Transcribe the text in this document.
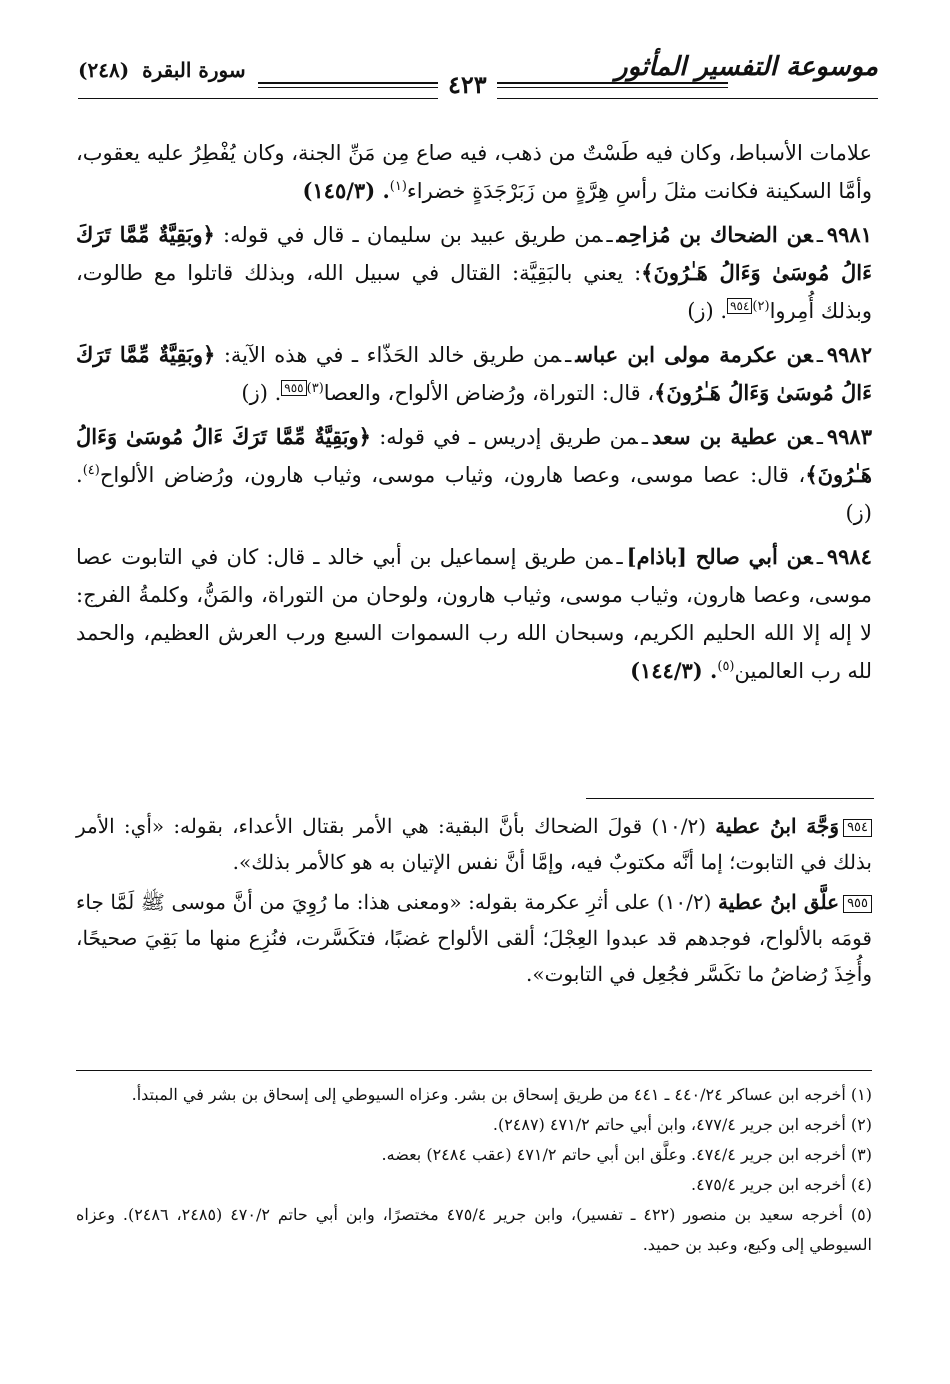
موسوعة التفسير المأثور
٤٢٣
سورة البقرة (٢٤٨)

علامات الأسباط، وكان فيه طَسْتٌ من ذهب، فيه صاع مِن مَنِّ الجنة، وكان يُفْطِرُ عليه يعقوب، وأمَّا السكينة فكانت مثلَ رأسِ هِرَّةٍ من زَبَرْجَدَةٍ خضراء$^{(١)}$. (١٤٥/٣)

٩٩٨١ـعن الضحاك بن مُزاحِمـمن طريق عبيد بن سليمان ـ قال في قوله: ﴿وبَقِيَّةٌ مِّمَّا تَرَكَ ءَالُ مُوسَىٰ وَءَالُ هَـٰرُونَ﴾: يعني بالبَقِيَّة: القتال في سبيل الله، وبذلك قاتلوا مع طالوت، وبذلك أُمِروا$^{(٢)}$٩٥٤. (ز)

٩٩٨٢ـعن عكرمة مولى ابن عباسـمن طريق خالد الحَذّاء ـ في هذه الآية: ﴿وبَقِيَّةٌ مِّمَّا تَرَكَ ءَالُ مُوسَىٰ وَءَالُ هَـٰرُونَ﴾، قال: التوراة، ورُضاض الألواح، والعصا$^{(٣)}$٩٥٥. (ز)

٩٩٨٣ـعن عطية بن سعدـمن طريق إدريس ـ في قوله: ﴿وبَقِيَّةٌ مِّمَّا تَرَكَ ءَالُ مُوسَىٰ وَءَالُ هَـٰرُونَ﴾، قال: عصا موسى، وعصا هارون، وثياب موسى، وثياب هارون، ورُضاض الألواح$^{(٤)}$. (ز)

٩٩٨٤ـعن أبي صالح [باذام]ـمن طريق إسماعيل بن أبي خالد ـ قال: كان في التابوت عصا موسى، وعصا هارون، وثياب موسى، وثياب هارون، ولوحان من التوراة، والمَنُّ، وكلمةُ الفرج: لا إله إلا الله الحليم الكريم، وسبحان الله رب السموات السبع ورب العرش العظيم، والحمد لله رب العالمين$^{(٥)}$. (١٤٤/٣)

٩٥٤وَجَّهَ ابنُ عطية (١٠/٢) قولَ الضحاك بأنَّ البقية: هي الأمر بقتال الأعداء، بقوله: «أي: الأمر بذلك في التابوت؛ إما أنَّه مكتوبٌ فيه، وإمَّا أنَّ نفس الإتيان به هو كالأمر بذلك».

٩٥٥علَّق ابنُ عطية (١٠/٢) على أثرِ عكرمة بقوله: «ومعنى هذا: ما رُوِيَ من أنَّ موسى ﷺ لَمَّا جاء قومَه بالألواح، فوجدهم قد عبدوا العِجْلَ؛ ألقى الألواح غضبًا، فتكَسَّرت، فنُزِع منها ما بَقِيَ صحيحًا، وأُخِذَ رُضاضُ ما تكَسَّر فجُعِل في التابوت».

(١) أخرجه ابن عساكر ٤٤٠/٢٤ ـ ٤٤١ من طريق إسحاق بن بشر. وعزاه السيوطي إلى إسحاق بن بشر في المبتدأ.

(٢) أخرجه ابن جرير ٤٧٧/٤، وابن أبي حاتم ٤٧١/٢ (٢٤٨٧).

(٣) أخرجه ابن جرير ٤٧٤/٤. وعلَّق ابن أبي حاتم ٤٧١/٢ (عقب ٢٤٨٤) بعضه.

(٤) أخرجه ابن جرير ٤٧٥/٤.

(٥) أخرجه سعيد بن منصور (٤٢٢ ـ تفسير)، وابن جرير ٤٧٥/٤ مختصرًا، وابن أبي حاتم ٤٧٠/٢ (٢٤٨٥، ٢٤٨٦). وعزاه السيوطي إلى وكيع، وعبد بن حميد.
